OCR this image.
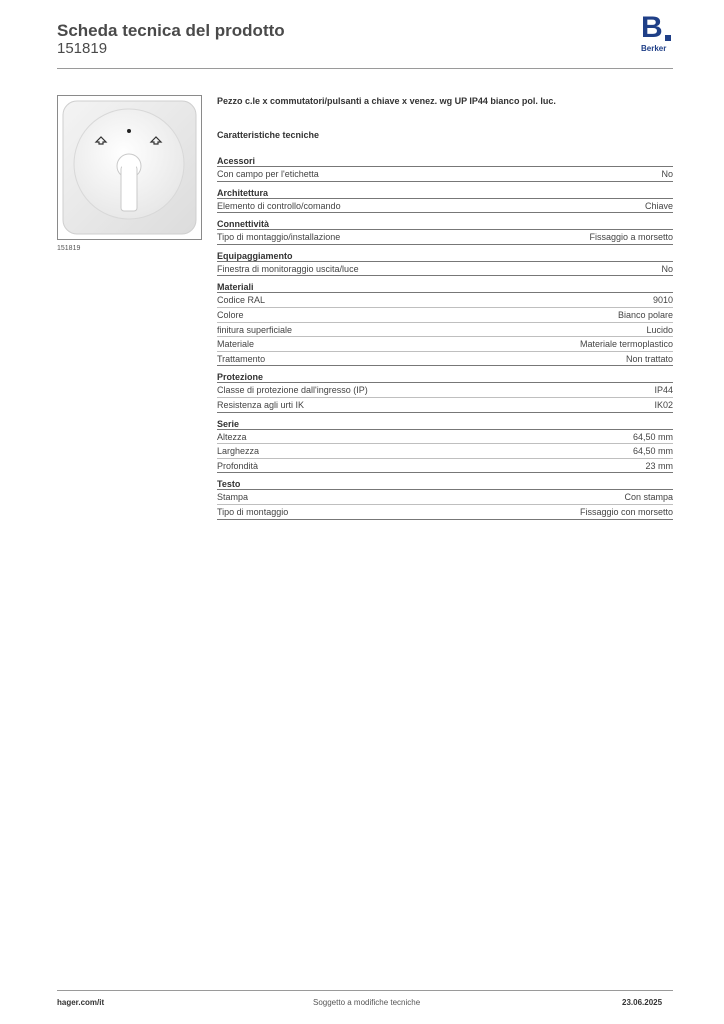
Scheda tecnica del prodotto
151819
B
Berker
151819
Pezzo c.le x commutatori/pulsanti a chiave x venez. wg UP IP44 bianco pol. luc.
Caratteristiche tecniche
Acessori
Con campo per l'etichetta	No
Architettura
Elemento di controllo/comando	Chiave
Connettività
Tipo di montaggio/installazione	Fissaggio a morsetto
Equipaggiamento
Finestra di monitoraggio uscita/luce	No
Materiali
Codice RAL	9010
Colore	Bianco polare
finitura superficiale	Lucido
Materiale	Materiale termoplastico
Trattamento	Non trattato
Protezione
Classe di protezione dall'ingresso (IP)	IP44
Resistenza agli urti IK	IK02
Serie
Altezza	64,50 mm
Larghezza	64,50 mm
Profondità	23 mm
Testo
Stampa	Con stampa
Tipo di montaggio	Fissaggio con morsetto
hager.com/it	Soggetto a modifiche tecniche	23.06.2025
